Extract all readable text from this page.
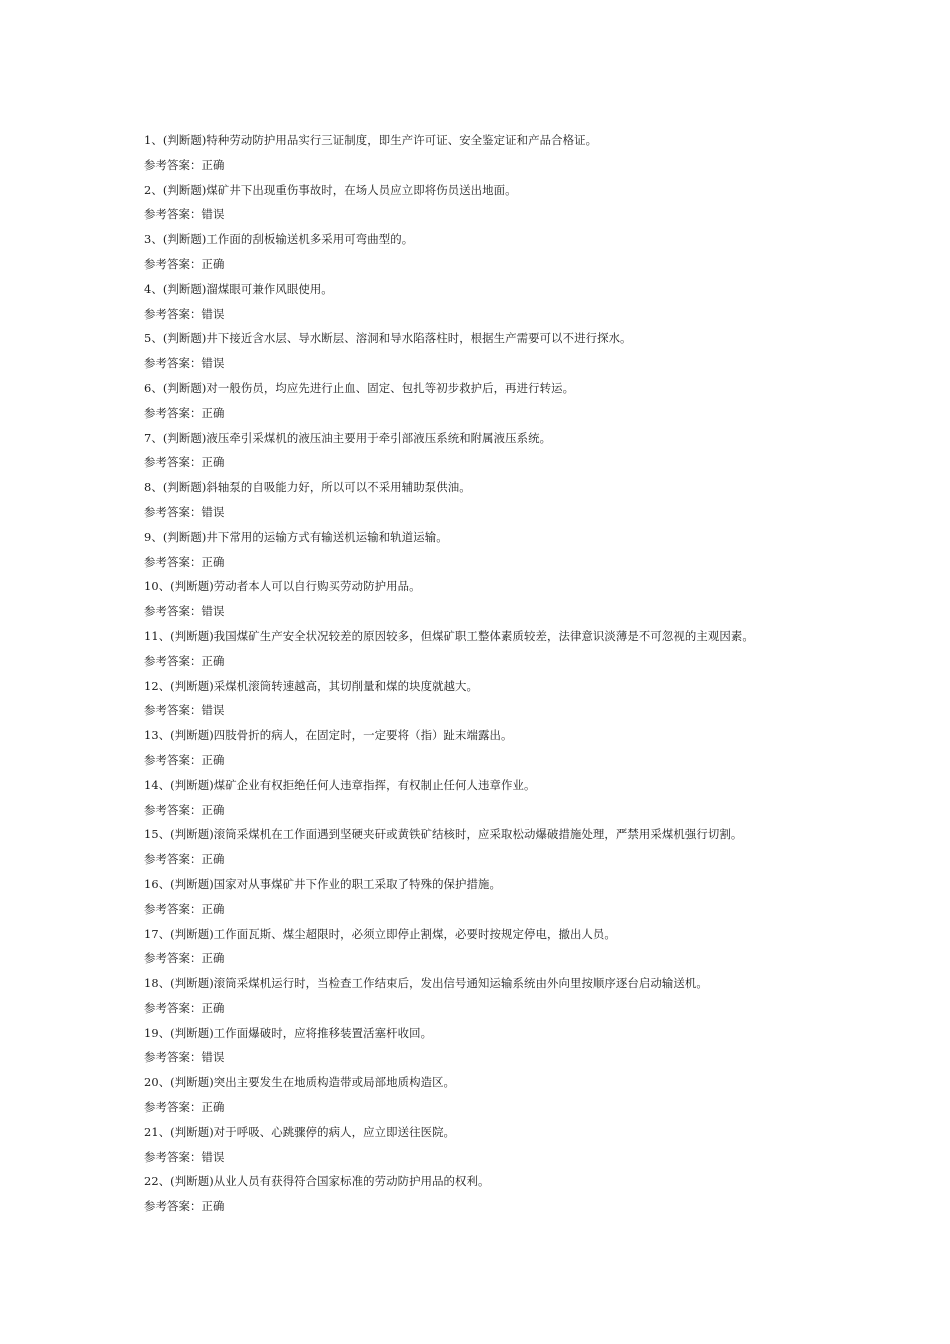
1、(判断题)特种劳动防护用品实行三证制度，即生产许可证、安全鉴定证和产品合格证。
参考答案：正确
2、(判断题)煤矿井下出现重伤事故时，在场人员应立即将伤员送出地面。
参考答案：错误
3、(判断题)工作面的刮板输送机多采用可弯曲型的。
参考答案：正确
4、(判断题)溜煤眼可兼作风眼使用。
参考答案：错误
5、(判断题)井下接近含水层、导水断层、溶洞和导水陷落柱时，根据生产需要可以不进行探水。
参考答案：错误
6、(判断题)对一般伤员，均应先进行止血、固定、包扎等初步救护后，再进行转运。
参考答案：正确
7、(判断题)液压牵引采煤机的液压油主要用于牵引部液压系统和附属液压系统。
参考答案：正确
8、(判断题)斜轴泵的自吸能力好，所以可以不采用辅助泵供油。
参考答案：错误
9、(判断题)井下常用的运输方式有输送机运输和轨道运输。
参考答案：正确
10、(判断题)劳动者本人可以自行购买劳动防护用品。
参考答案：错误
11、(判断题)我国煤矿生产安全状况较差的原因较多，但煤矿职工整体素质较差，法律意识淡薄是不可忽视的主观因素。
参考答案：正确
12、(判断题)采煤机滚筒转速越高，其切削量和煤的块度就越大。
参考答案：错误
13、(判断题)四肢骨折的病人，在固定时，一定要将（指）趾末端露出。
参考答案：正确
14、(判断题)煤矿企业有权拒绝任何人违章指挥，有权制止任何人违章作业。
参考答案：正确
15、(判断题)滚筒采煤机在工作面遇到坚硬夹矸或黄铁矿结核时，应采取松动爆破措施处理，严禁用采煤机强行切割。
参考答案：正确
16、(判断题)国家对从事煤矿井下作业的职工采取了特殊的保护措施。
参考答案：正确
17、(判断题)工作面瓦斯、煤尘超限时，必须立即停止割煤，必要时按规定停电，撤出人员。
参考答案：正确
18、(判断题)滚筒采煤机运行时，当检查工作结束后，发出信号通知运输系统由外向里按顺序逐台启动输送机。
参考答案：正确
19、(判断题)工作面爆破时，应将推移装置活塞杆收回。
参考答案：错误
20、(判断题)突出主要发生在地质构造带或局部地质构造区。
参考答案：正确
21、(判断题)对于呼吸、心跳骤停的病人，应立即送往医院。
参考答案：错误
22、(判断题)从业人员有获得符合国家标准的劳动防护用品的权利。
参考答案：正确
